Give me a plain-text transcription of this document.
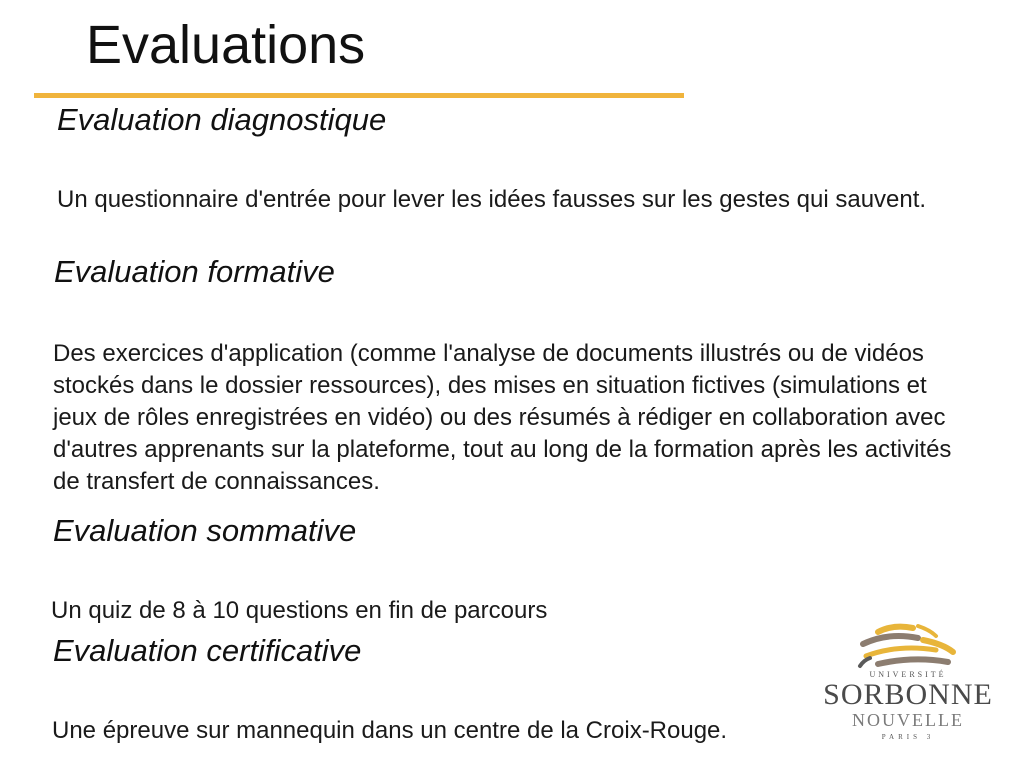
Evaluations
Evaluation diagnostique

Un questionnaire d'entrée pour lever les idées fausses sur les gestes qui sauvent.

Evaluation formative

Des exercices d'application (comme l'analyse de documents illustrés ou de vidéos stockés dans le dossier ressources), des mises en situation fictives (simulations et jeux de rôles enregistrées en vidéo) ou des résumés à rédiger en collaboration avec d'autres apprenants sur la plateforme, tout au long de la formation après les activités de transfert de connaissances.

Evaluation sommative

Un quiz de 8 à 10 questions en fin de parcours

Evaluation certificative

Une épreuve sur mannequin dans un centre de la Croix-Rouge.

UNIVERSITÉ
SORBONNE
NOUVELLE
PARIS 3
